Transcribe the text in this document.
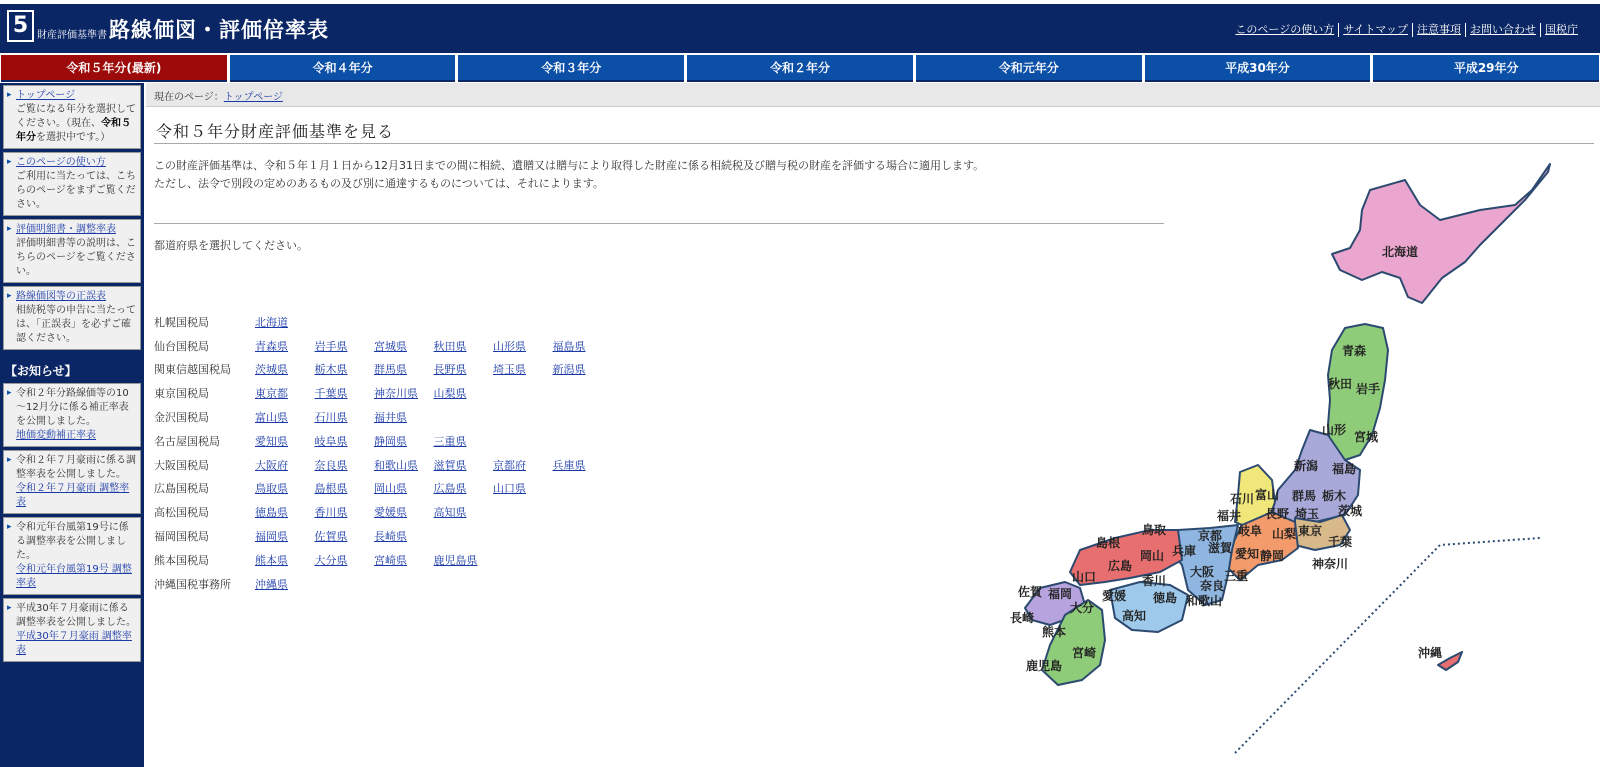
5 財産評価基準書 路線価図・評価倍率表	このページの使い方 サイトマップ 注意事項 お問い合わせ 国税庁
令和５年分(最新)	令和４年分	令和３年分	令和２年分	令和元年分	平成30年分	平成29年分
▸ トップページ
ご覧になる年分を選択してください。（現在、令和５年分を選択中です。）
▸ このページの使い方
ご利用に当たっては、こちらのページをまずご覧ください。
▸ 評価明細書・調整率表
評価明細書等の説明は、こちらのページをご覧ください。
▸ 路線価図等の正誤表
相続税等の申告に当たっては、「正誤表」を必ずご確認ください。
【お知らせ】
▸ 令和２年分路線価等の10～12月分に係る補正率表を公開しました。
地価変動補正率表
▸ 令和２年７月豪雨に係る調整率表を公開しました。
令和２年７月豪雨 調整率表
▸ 令和元年台風第19号に係る調整率表を公開しました。
令和元年台風第19号 調整率表
▸ 平成30年７月豪雨に係る調整率表を公開しました。
平成30年７月豪雨 調整率表
現在のページ：トップページ
令和５年分財産評価基準を見る
この財産評価基準は、令和５年１月１日から12月31日までの間に相続、遺贈又は贈与により取得した財産に係る相続税及び贈与税の財産を評価する場合に適用します。
ただし、法令で別段の定めのあるもの及び別に通達するものについては、それによります。
都道府県を選択してください。
札幌国税局	北海道
仙台国税局	青森県	岩手県	宮城県	秋田県	山形県	福島県
関東信越国税局	茨城県	栃木県	群馬県	長野県	埼玉県	新潟県
東京国税局	東京都	千葉県	神奈川県	山梨県
金沢国税局	富山県	石川県	福井県
名古屋国税局	愛知県	岐阜県	静岡県	三重県
大阪国税局	大阪府	奈良県	和歌山県	滋賀県	京都府	兵庫県
広島国税局	鳥取県	島根県	岡山県	広島県	山口県
高松国税局	徳島県	香川県	愛媛県	高知県
福岡国税局	福岡県	佐賀県	長崎県
熊本国税局	熊本県	大分県	宮崎県	鹿児島県
沖縄国税事務所	沖縄県
北海道
青森
秋田 岩手
山形 宮城
新潟 福島
石川 富山 群馬 栃木
福井 長野 埼玉 茨城
山梨 東京
千葉
神奈川
岐阜
愛知 静岡
京都
滋賀
三重
兵庫
大阪
奈良
和歌山
鳥取
島根
岡山
広島
山口	香川
愛媛 徳島
高知
福岡
佐賀
長崎
大分
熊本
宮崎
鹿児島
沖縄
